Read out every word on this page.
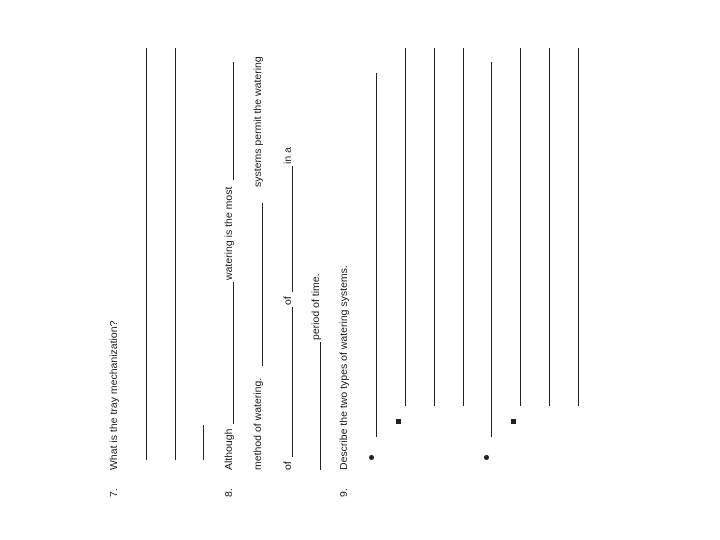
7.
What is the tray mechanization?
8.
Although
watering is the most
method of watering.
systems permit the watering
of
of
in a
period of time.
9.
Describe the two types of watering systems.
